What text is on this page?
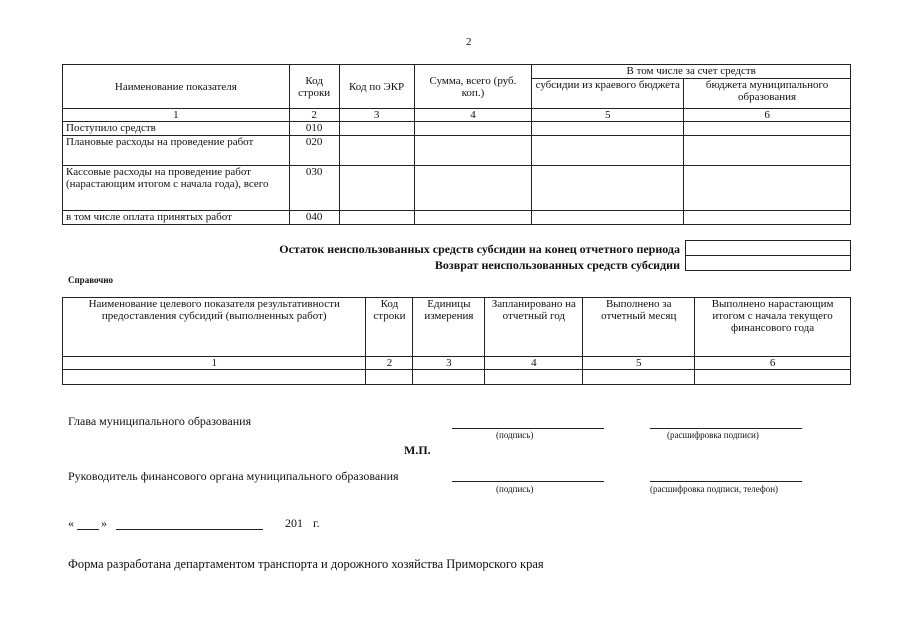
2
Наименование показателя	Код строки	Код по ЭКР	Сумма, всего (руб. коп.)	В том числе за счет средств	
				субсидии из краевого бюджета	бюджета муниципального образования
1	2	3	4	5	6
Поступило средств	010				
Плановые расходы на проведение работ	020				
Кассовые расходы на проведение работ (нарастающим итогом с начала года), всего	030				
в том числе оплата принятых работ	040				
Остаток неиспользованных средств субсидии на конец отчетного периода
Возврат неиспользованных средств субсидии

Справочно
Наименование целевого показателя результативности предоставления субсидий (выполненных работ)	Код строки	Единицы измерения	Запланировано на отчетный год	Выполнено за отчетный месяц	Выполнено нарастающим итогом с начала текущего финансового года
1	2	3	4	5	6

Глава муниципального образования
(подпись)	(расшифровка подписи)
М.П.
Руководитель финансового органа муниципального образования
(подпись)	(расшифровка подписи, телефон)
« »	201 г.
Форма разработана департаментом транспорта и дорожного хозяйства Приморского края
